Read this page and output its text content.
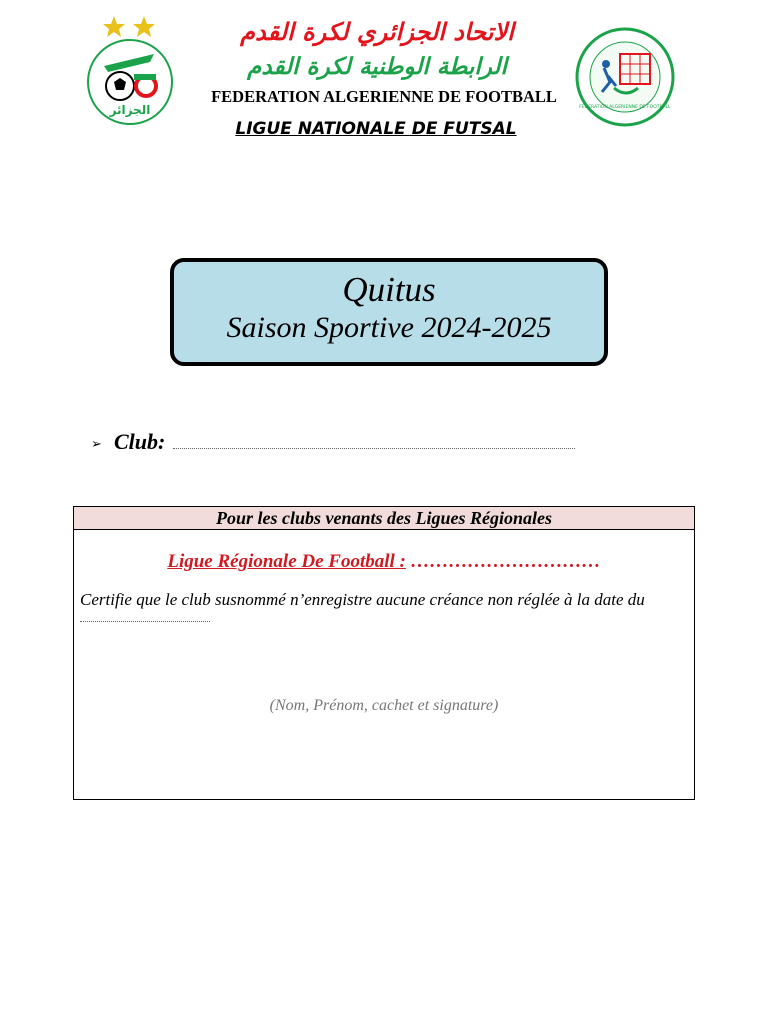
الجزائر	FEDERATION ALGERIENNE DE FOOTBALL
الاتحاد الجزائري لكرة القدم
الرابطة الوطنية لكرة القدم
FEDERATION ALGERIENNE DE FOOTBALL
LIGUE NATIONALE DE FUTSAL
Quitus
Saison Sportive 2024-2025
➢ Club:
Pour les clubs venants des Ligues Régionales
Ligue Régionale De Football : …………………………
Certifie que le club susnommé n’enregistre aucune créance non réglée à la date du
(Nom, Prénom, cachet et signature)
